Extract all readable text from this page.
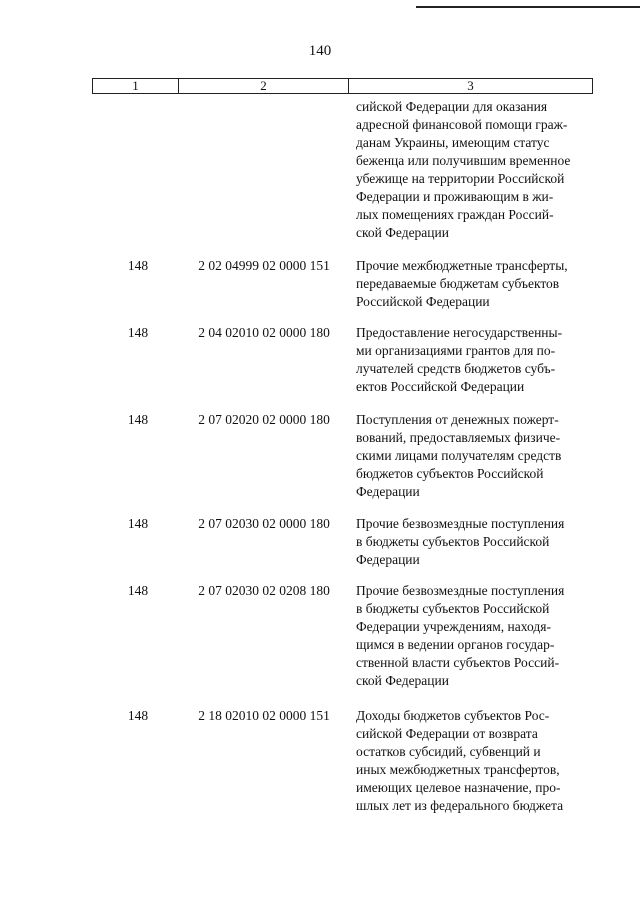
140
1	2	3
сийской Федерации для оказания
адресной финансовой помощи граж-
данам Украины, имеющим статус
беженца или получившим временное
убежище на территории Российской
Федерации и проживающим в жи-
лых помещениях граждан Россий-
ской Федерации
148	2 02 04999 02 0000 151	Прочие межбюджетные трансферты,
передаваемые бюджетам субъектов
Российской Федерации
148	2 04 02010 02 0000 180	Предоставление негосударственны-
ми организациями грантов для по-
лучателей средств бюджетов субъ-
ектов Российской Федерации
148	2 07 02020 02 0000 180	Поступления от денежных пожерт-
вований, предоставляемых физиче-
скими лицами получателям средств
бюджетов субъектов Российской
Федерации
148	2 07 02030 02 0000 180	Прочие безвозмездные поступления
в бюджеты субъектов Российской
Федерации
148	2 07 02030 02 0208 180	Прочие безвозмездные поступления
в бюджеты субъектов Российской
Федерации учреждениям, находя-
щимся в ведении органов государ-
ственной власти субъектов Россий-
ской Федерации
148	2 18 02010 02 0000 151	Доходы бюджетов субъектов Рос-
сийской Федерации от возврата
остатков субсидий, субвенций и
иных межбюджетных трансфертов,
имеющих целевое назначение, про-
шлых лет из федерального бюджета
